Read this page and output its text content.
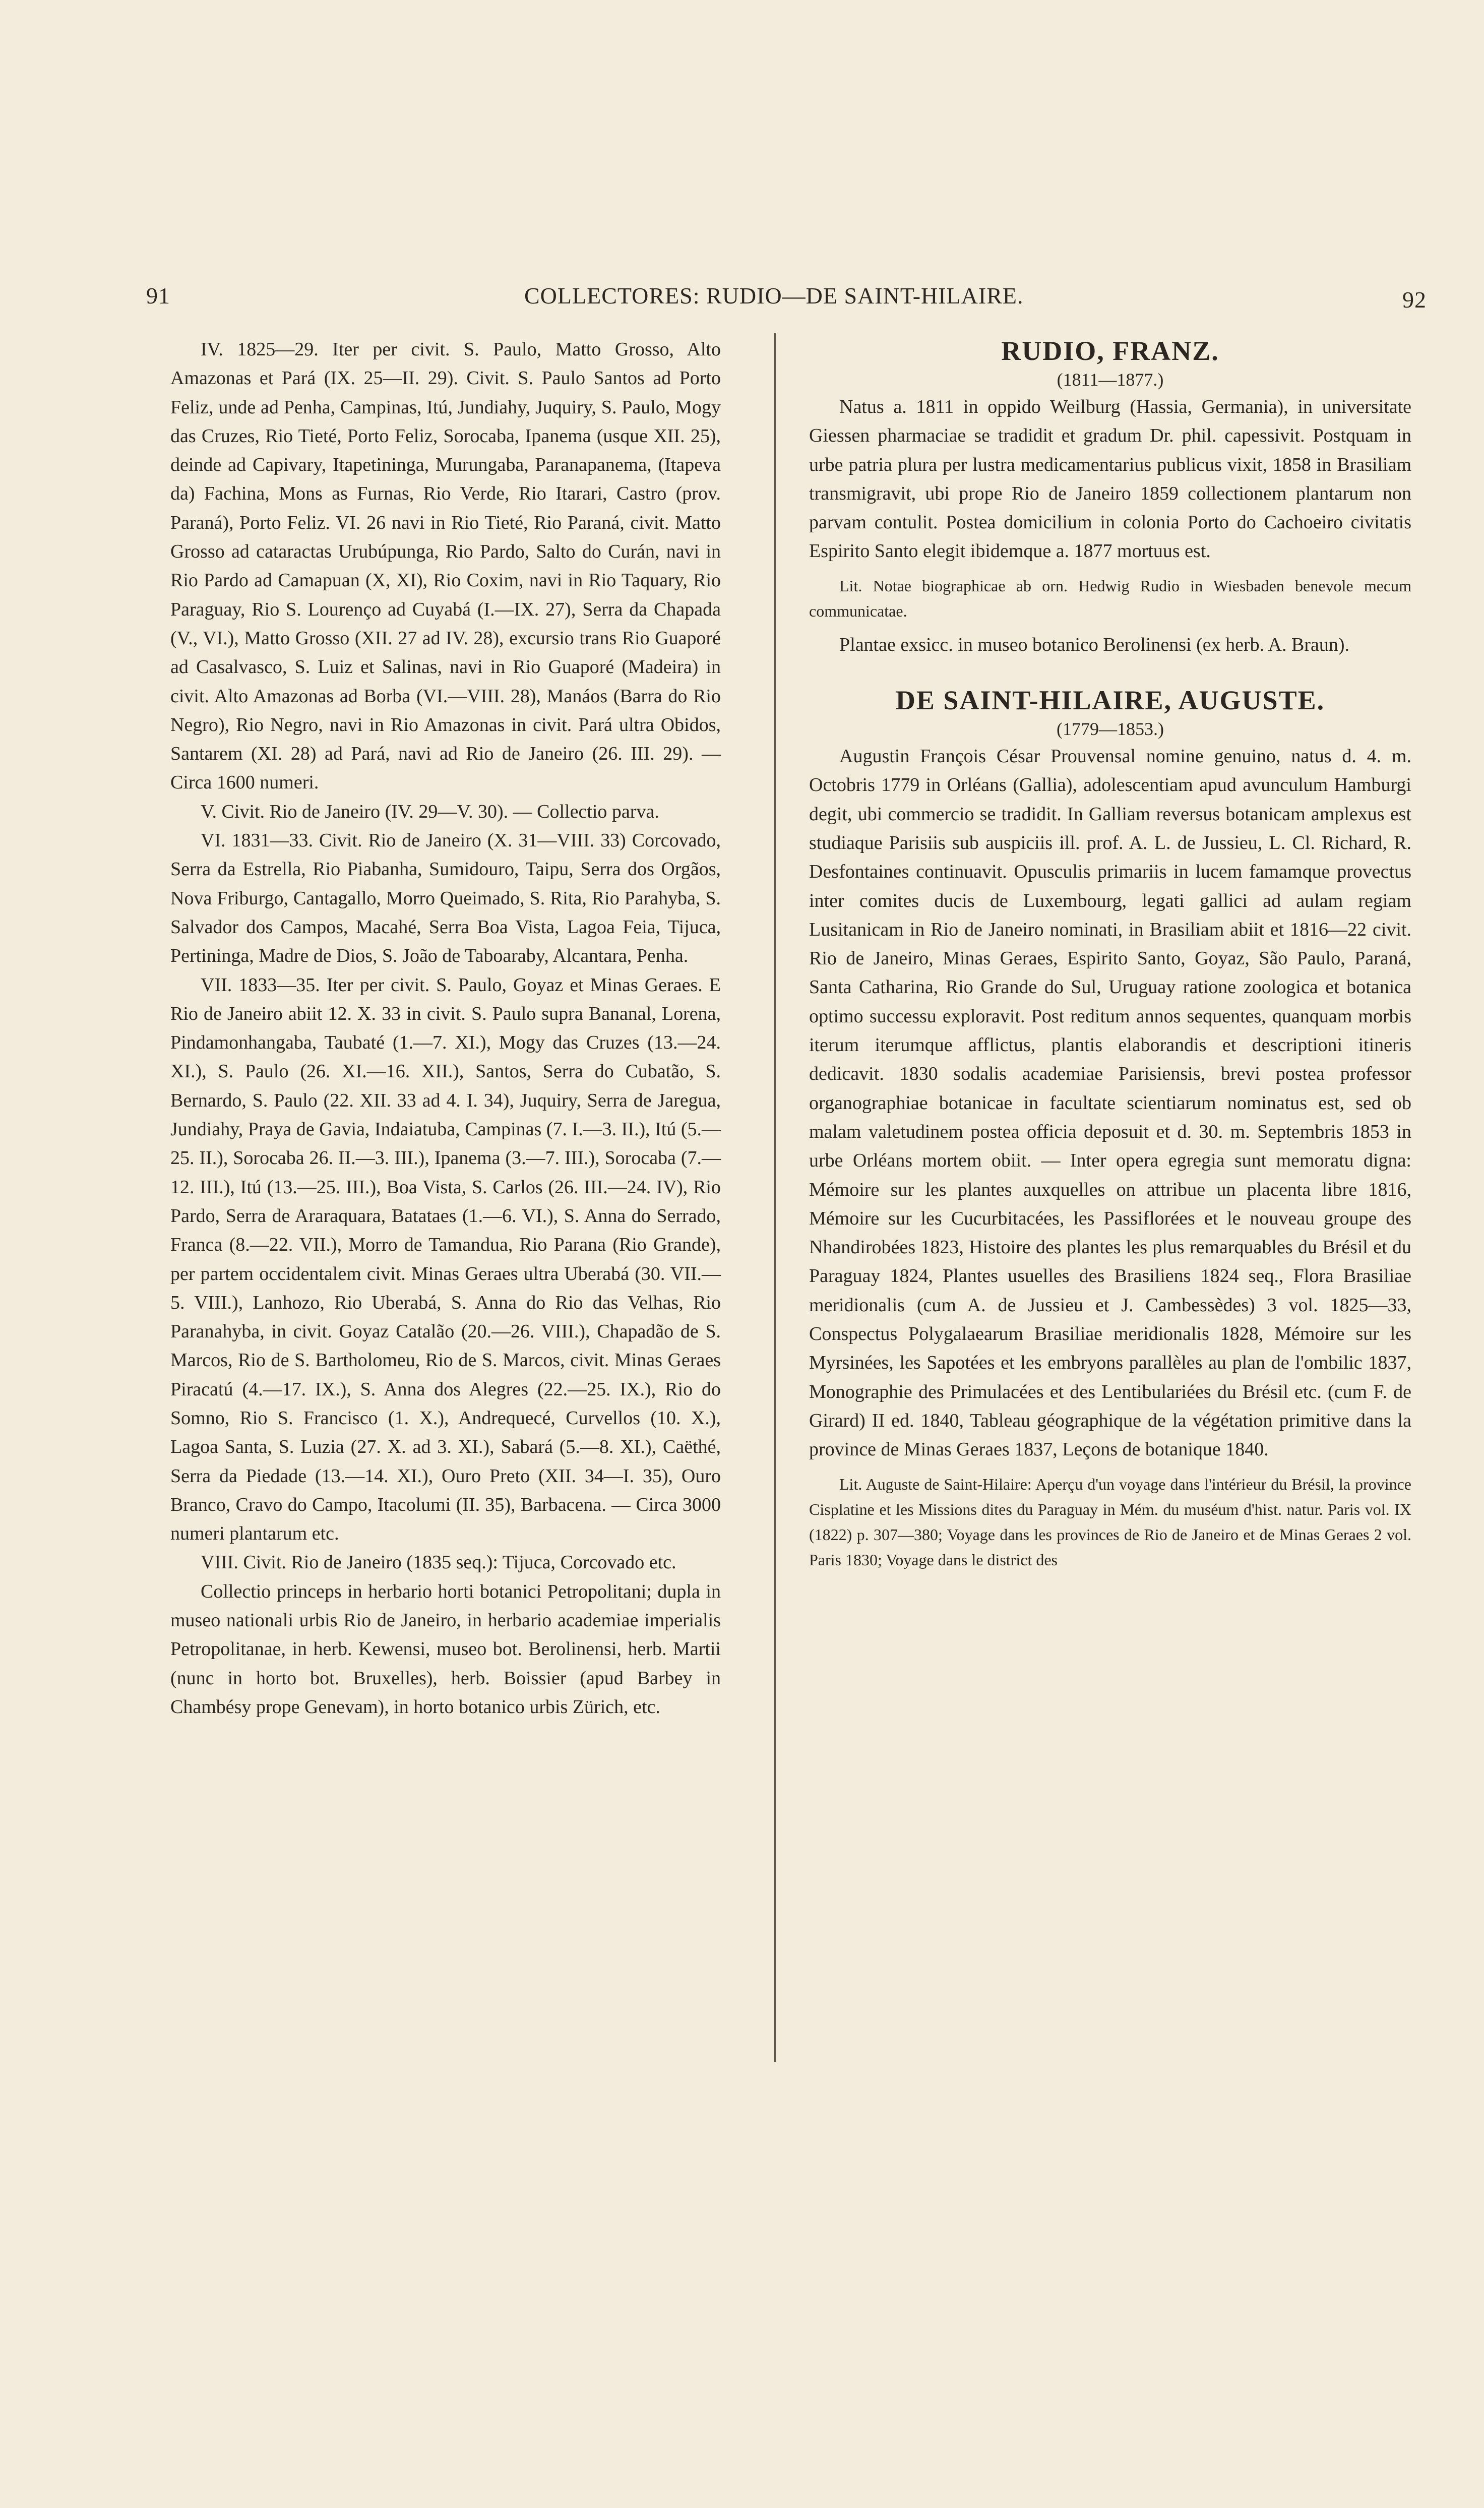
91	COLLECTORES: RUDIO—DE SAINT-HILAIRE.	92

IV. 1825—29. Iter per civit. S. Paulo, Matto Grosso, Alto Amazonas et Pará (IX. 25—II. 29). Civit. S. Paulo Santos ad Porto Feliz, unde ad Penha, Campinas, Itú, Jundiahy, Juquiry, S. Paulo, Mogy das Cruzes, Rio Tieté, Porto Feliz, Sorocaba, Ipanema (usque XII. 25), deinde ad Capivary, Itapetininga, Murungaba, Paranapanema, (Itapeva da) Fachina, Mons as Furnas, Rio Verde, Rio Itarari, Castro (prov. Paraná), Porto Feliz. VI. 26 navi in Rio Tieté, Rio Paraná, civit. Matto Grosso ad cataractas Urubúpunga, Rio Pardo, Salto do Curán, navi in Rio Pardo ad Camapuan (X, XI), Rio Coxim, navi in Rio Taquary, Rio Paraguay, Rio S. Lourenço ad Cuyabá (I.—IX. 27), Serra da Chapada (V., VI.), Matto Grosso (XII. 27 ad IV. 28), excursio trans Rio Guaporé ad Casalvasco, S. Luiz et Salinas, navi in Rio Guaporé (Madeira) in civit. Alto Amazonas ad Borba (VI.—VIII. 28), Manáos (Barra do Rio Negro), Rio Negro, navi in Rio Amazonas in civit. Pará ultra Obidos, Santarem (XI. 28) ad Pará, navi ad Rio de Janeiro (26. III. 29). — Circa 1600 numeri.

V. Civit. Rio de Janeiro (IV. 29—V. 30). — Collectio parva.

VI. 1831—33. Civit. Rio de Janeiro (X. 31—VIII. 33) Corcovado, Serra da Estrella, Rio Piabanha, Sumidouro, Taipu, Serra dos Orgãos, Nova Friburgo, Cantagallo, Morro Queimado, S. Rita, Rio Parahyba, S. Salvador dos Campos, Macahé, Serra Boa Vista, Lagoa Feia, Tijuca, Pertininga, Madre de Dios, S. João de Taboaraby, Alcantara, Penha.

VII. 1833—35. Iter per civit. S. Paulo, Goyaz et Minas Geraes. E Rio de Janeiro abiit 12. X. 33 in civit. S. Paulo supra Bananal, Lorena, Pindamonhangaba, Taubaté (1.—7. XI.), Mogy das Cruzes (13.—24. XI.), S. Paulo (26. XI.—16. XII.), Santos, Serra do Cubatão, S. Bernardo, S. Paulo (22. XII. 33 ad 4. I. 34), Juquiry, Serra de Jaregua, Jundiahy, Praya de Gavia, Indaiatuba, Campinas (7. I.—3. II.), Itú (5.—25. II.), Sorocaba 26. II.—3. III.), Ipanema (3.—7. III.), Sorocaba (7.—12. III.), Itú (13.—25. III.), Boa Vista, S. Carlos (26. III.—24. IV), Rio Pardo, Serra de Araraquara, Batataes (1.—6. VI.), S. Anna do Serrado, Franca (8.—22. VII.), Morro de Tamandua, Rio Parana (Rio Grande), per partem occidentalem civit. Minas Geraes ultra Uberabá (30. VII.—5. VIII.), Lanhozo, Rio Uberabá, S. Anna do Rio das Velhas, Rio Paranahyba, in civit. Goyaz Catalão (20.—26. VIII.), Chapadão de S. Marcos, Rio de S. Bartholomeu, Rio de S. Marcos, civit. Minas Geraes Piracatú (4.—17. IX.), S. Anna dos Alegres (22.—25. IX.), Rio do Somno, Rio S. Francisco (1. X.), Andrequecé, Curvellos (10. X.), Lagoa Santa, S. Luzia (27. X. ad 3. XI.), Sabará (5.—8. XI.), Caëthé, Serra da Piedade (13.—14. XI.), Ouro Preto (XII. 34—I. 35), Ouro Branco, Cravo do Campo, Itacolumi (II. 35), Barbacena. — Circa 3000 numeri plantarum etc.

VIII. Civit. Rio de Janeiro (1835 seq.): Tijuca, Corcovado etc.

Collectio princeps in herbario horti botanici Petropolitani; dupla in museo nationali urbis Rio de Janeiro, in herbario academiae imperialis Petropolitanae, in herb. Kewensi, museo bot. Berolinensi, herb. Martii (nunc in horto bot. Bruxelles), herb. Boissier (apud Barbey in Chambésy prope Genevam), in horto botanico urbis Zürich, etc.

RUDIO, FRANZ.

(1811—1877.)

Natus a. 1811 in oppido Weilburg (Hassia, Germania), in universitate Giessen pharmaciae se tradidit et gradum Dr. phil. capessivit. Postquam in urbe patria plura per lustra medicamentarius publicus vixit, 1858 in Brasiliam transmigravit, ubi prope Rio de Janeiro 1859 collectionem plantarum non parvam contulit. Postea domicilium in colonia Porto do Cachoeiro civitatis Espirito Santo elegit ibidemque a. 1877 mortuus est.

Lit. Notae biographicae ab orn. Hedwig Rudio in Wiesbaden benevole mecum communicatae.

Plantae exsicc. in museo botanico Berolinensi (ex herb. A. Braun).

DE SAINT-HILAIRE, AUGUSTE.

(1779—1853.)

Augustin François César Prouvensal nomine genuino, natus d. 4. m. Octobris 1779 in Orléans (Gallia), adolescentiam apud avunculum Hamburgi degit, ubi commercio se tradidit. In Galliam reversus botanicam amplexus est studiaque Parisiis sub auspiciis ill. prof. A. L. de Jussieu, L. Cl. Richard, R. Desfontaines continuavit. Opusculis primariis in lucem famamque provectus inter comites ducis de Luxembourg, legati gallici ad aulam regiam Lusitanicam in Rio de Janeiro nominati, in Brasiliam abiit et 1816—22 civit. Rio de Janeiro, Minas Geraes, Espirito Santo, Goyaz, São Paulo, Paraná, Santa Catharina, Rio Grande do Sul, Uruguay ratione zoologica et botanica optimo successu exploravit. Post reditum annos sequentes, quanquam morbis iterum iterumque afflictus, plantis elaborandis et descriptioni itineris dedicavit. 1830 sodalis academiae Parisiensis, brevi postea professor organographiae botanicae in facultate scientiarum nominatus est, sed ob malam valetudinem postea officia deposuit et d. 30. m. Septembris 1853 in urbe Orléans mortem obiit. — Inter opera egregia sunt memoratu digna: Mémoire sur les plantes auxquelles on attribue un placenta libre 1816, Mémoire sur les Cucurbitacées, les Passiflorées et le nouveau groupe des Nhandirobées 1823, Histoire des plantes les plus remarquables du Brésil et du Paraguay 1824, Plantes usuelles des Brasiliens 1824 seq., Flora Brasiliae meridionalis (cum A. de Jussieu et J. Cambessèdes) 3 vol. 1825—33, Conspectus Polygalaearum Brasiliae meridionalis 1828, Mémoire sur les Myrsinées, les Sapotées et les embryons parallèles au plan de l'ombilic 1837, Monographie des Primulacées et des Lentibulariées du Brésil etc. (cum F. de Girard) II ed. 1840, Tableau géographique de la végétation primitive dans la province de Minas Geraes 1837, Leçons de botanique 1840.

Lit. Auguste de Saint-Hilaire: Aperçu d'un voyage dans l'intérieur du Brésil, la province Cisplatine et les Missions dites du Paraguay in Mém. du muséum d'hist. natur. Paris vol. IX (1822) p. 307—380; Voyage dans les provinces de Rio de Janeiro et de Minas Geraes 2 vol. Paris 1830; Voyage dans le district des
